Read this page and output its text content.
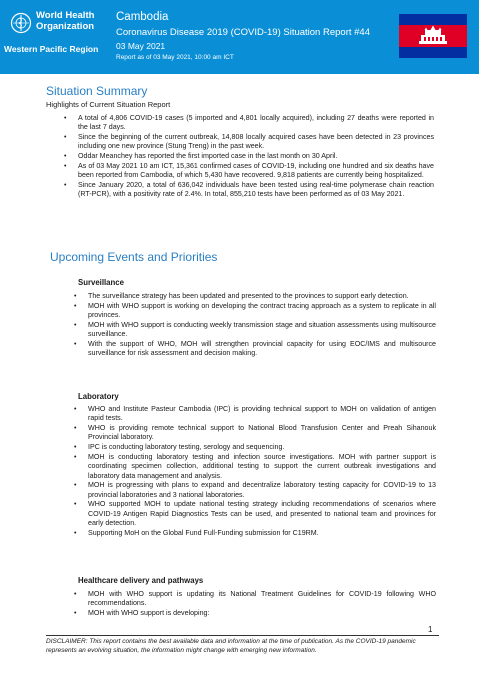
World Health
Organization
Western Pacific Region
Cambodia
Coronavirus Disease 2019 (COVID-19) Situation Report #44
03 May 2021
Report as of 03 May 2021, 10:00 am ICT
Situation Summary
Highlights of Current Situation Report
• A total of 4,806 COVID-19 cases (5 imported and 4,801 locally acquired), including 27 deaths were reported in the last 7 days.
• Since the beginning of the current outbreak, 14,808 locally acquired cases have been detected in 23 provinces including one new province (Stung Treng) in the past week.
• Oddar Meanchey has reported the first imported case in the last month on 30 April.
• As of 03 May 2021 10 am ICT, 15,361 confirmed cases of COVID-19, including one hundred and six deaths have been reported from Cambodia, of which 5,430 have recovered. 9,818 patients are currently being hospitalized.
• Since January 2020, a total of 636,042 individuals have been tested using real-time polymerase chain reaction (RT-PCR), with a positivity rate of 2.4%. In total, 855,210 tests have been performed as of 03 May 2021.
Upcoming Events and Priorities
Surveillance
• The surveillance strategy has been updated and presented to the provinces to support early detection.
• MOH with WHO support is working on developing the contract tracing approach as a system to replicate in all provinces.
• MOH with WHO support is conducting weekly transmission stage and situation assessments using multisource surveillance.
• With the support of WHO, MOH will strengthen provincial capacity for using EOC/IMS and multisource surveillance for risk assessment and decision making.
Laboratory
• WHO and Institute Pasteur Cambodia (IPC) is providing technical support to MOH on validation of antigen rapid tests.
• WHO is providing remote technical support to National Blood Transfusion Center and Preah Sihanouk Provincial laboratory.
• IPC is conducting laboratory testing, serology and sequencing.
• MOH is conducting laboratory testing and infection source investigations. MOH with partner support is coordinating specimen collection, additional testing to support the current outbreak investigations and laboratory data management and analysis.
• MOH is progressing with plans to expand and decentralize laboratory testing capacity for COVID-19 to 13 provincial laboratories and 3 national laboratories.
• WHO supported MOH to update national testing strategy including recommendations of scenarios where COVID-19 Antigen Rapid Diagnostics Tests can be used, and presented to national team and provinces for early detection.
• Supporting MoH on the Global Fund Full-Funding submission for C19RM.
Healthcare delivery and pathways
• MOH with WHO support is updating its National Treatment Guidelines for COVID-19 following WHO recommendations.
• MOH with WHO support is developing:
1
DISCLAIMER: This report contains the best available data and information at the time of publication. As the COVID-19 pandemic represents an evolving situation, the information might change with emerging new information.
